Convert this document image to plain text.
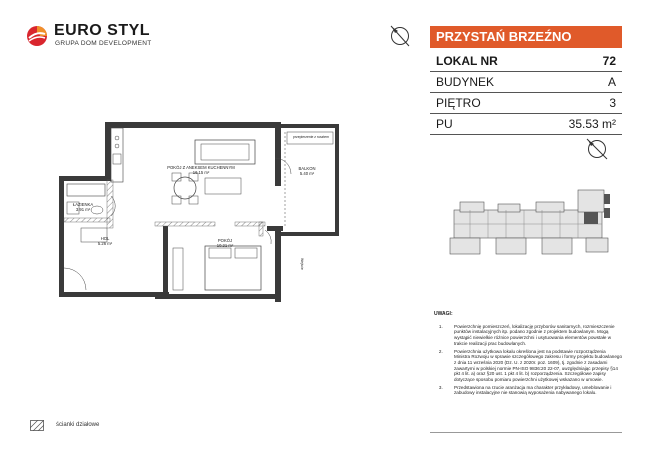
EURO STYL
GRUPA DOM DEVELOPMENT	PRZYSTAŃ BRZEŹNO
LOKAL NR	72
BUDYNEK	A
PIĘTRO	3
PU	35.53 m²
POKÓJ Z ANEKSEM KUCHENNYM
16.15 m²
BALKON
5.40 m²
przepierzenie z rusztem
ŁAZIENKA
3.91 m²
HOL
5.26 m²
POKÓJ
10.21 m²
Wejście
UWAGI:
1. Powierzchnię pomieszczeń, lokalizację przyborów sanitarnych, rozmieszczenie punktów instalacyjnych itp. podano zgodnie z projektem budowlanym. Mogą wystąpić niewielkie różnice powierzchni i usytuowania elementów powstałe w trakcie realizacji prac budowlanych.
2. Powierzchnia użytkowa lokalu określona jest na podstawie rozporządzenia Ministra Rozwoju w sprawie szczegółowego zakresu i formy projektu budowlanego z dnia 11 września 2020 (Dz. U. z 2020r. poz. 1609), tj. zgodnie z zasadami zawartymi w polskiej normie PN-ISO 9836:20 22-07, uwzględniając przepisy §14 pkt 4 lit. a) oraz §20 ust. 1 pkt 4 lit. b) rozporządzenia. Szczegółowe zapisy dotyczące sposobu pomiaru powierzchni użytkowej wskazano w umowie.
3. Przedstawiona na rzucie aranżacja ma charakter przykładowy, umeblowanie i zabudowy instalacyjne nie stanowią wyposażenia nabywanego lokalu.
ścianki działowe
